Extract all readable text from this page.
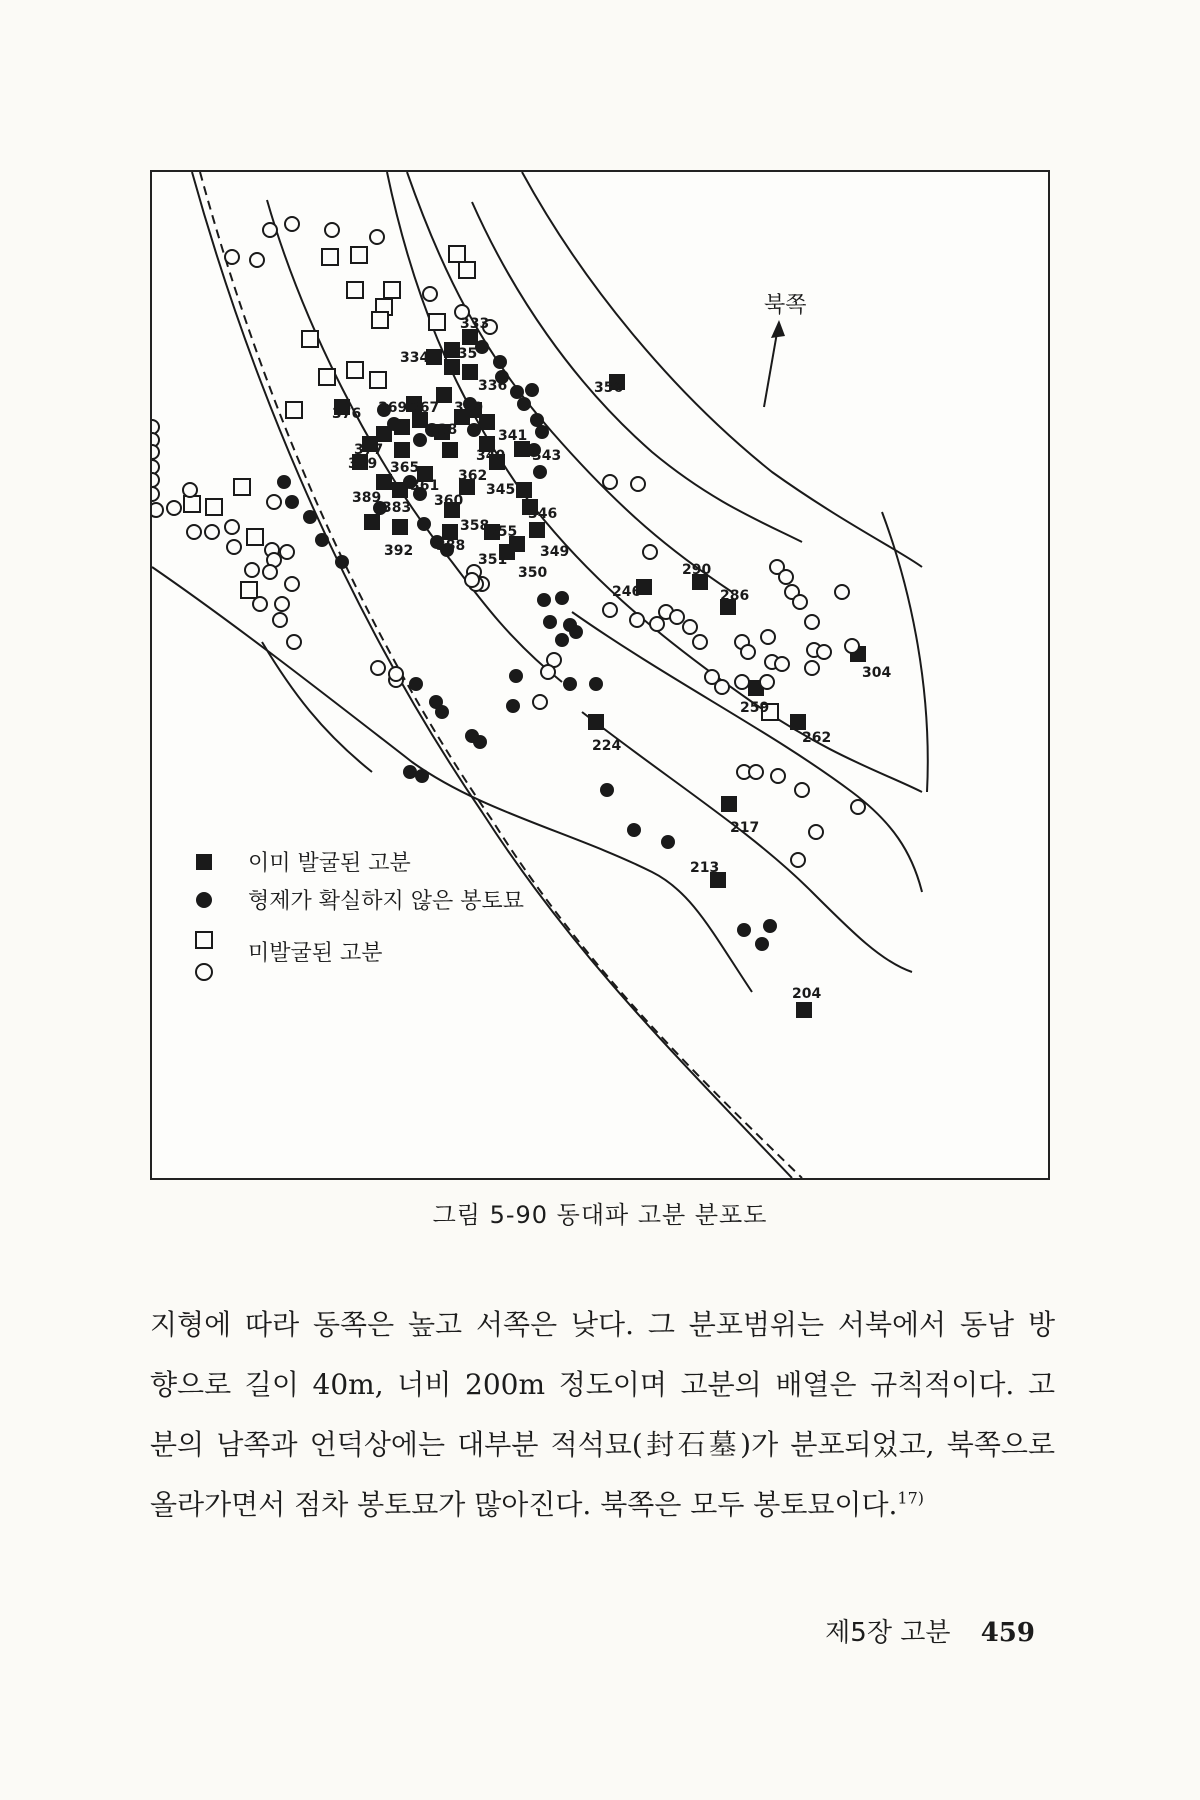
333
334 335
336	356
376 369 367 339
338	341
377
379 365
340 343
362
361
360
345
389
383	346
358
355
388	349
392
351
350	290
246	286
304
259
262
224
217
213
204
북쪽
이미 발굴된 고분
형제가 확실하지 않은 봉토묘
미발굴된 고분
그림 5-90 동대파 고분 분포도
지형에 따라 동쪽은 높고 서쪽은 낮다. 그 분포범위는 서북에서 동남 방
향으로 길이 40m, 너비 200m 정도이며 고분의 배열은 규칙적이다. 고
분의 남쪽과 언덕상에는 대부분 적석묘(封石墓)가 분포되었고, 북쪽으로
올라가면서 점차 봉토묘가 많아진다. 북쪽은 모두 봉토묘이다.$^{17)}$
제5장 고분 459
